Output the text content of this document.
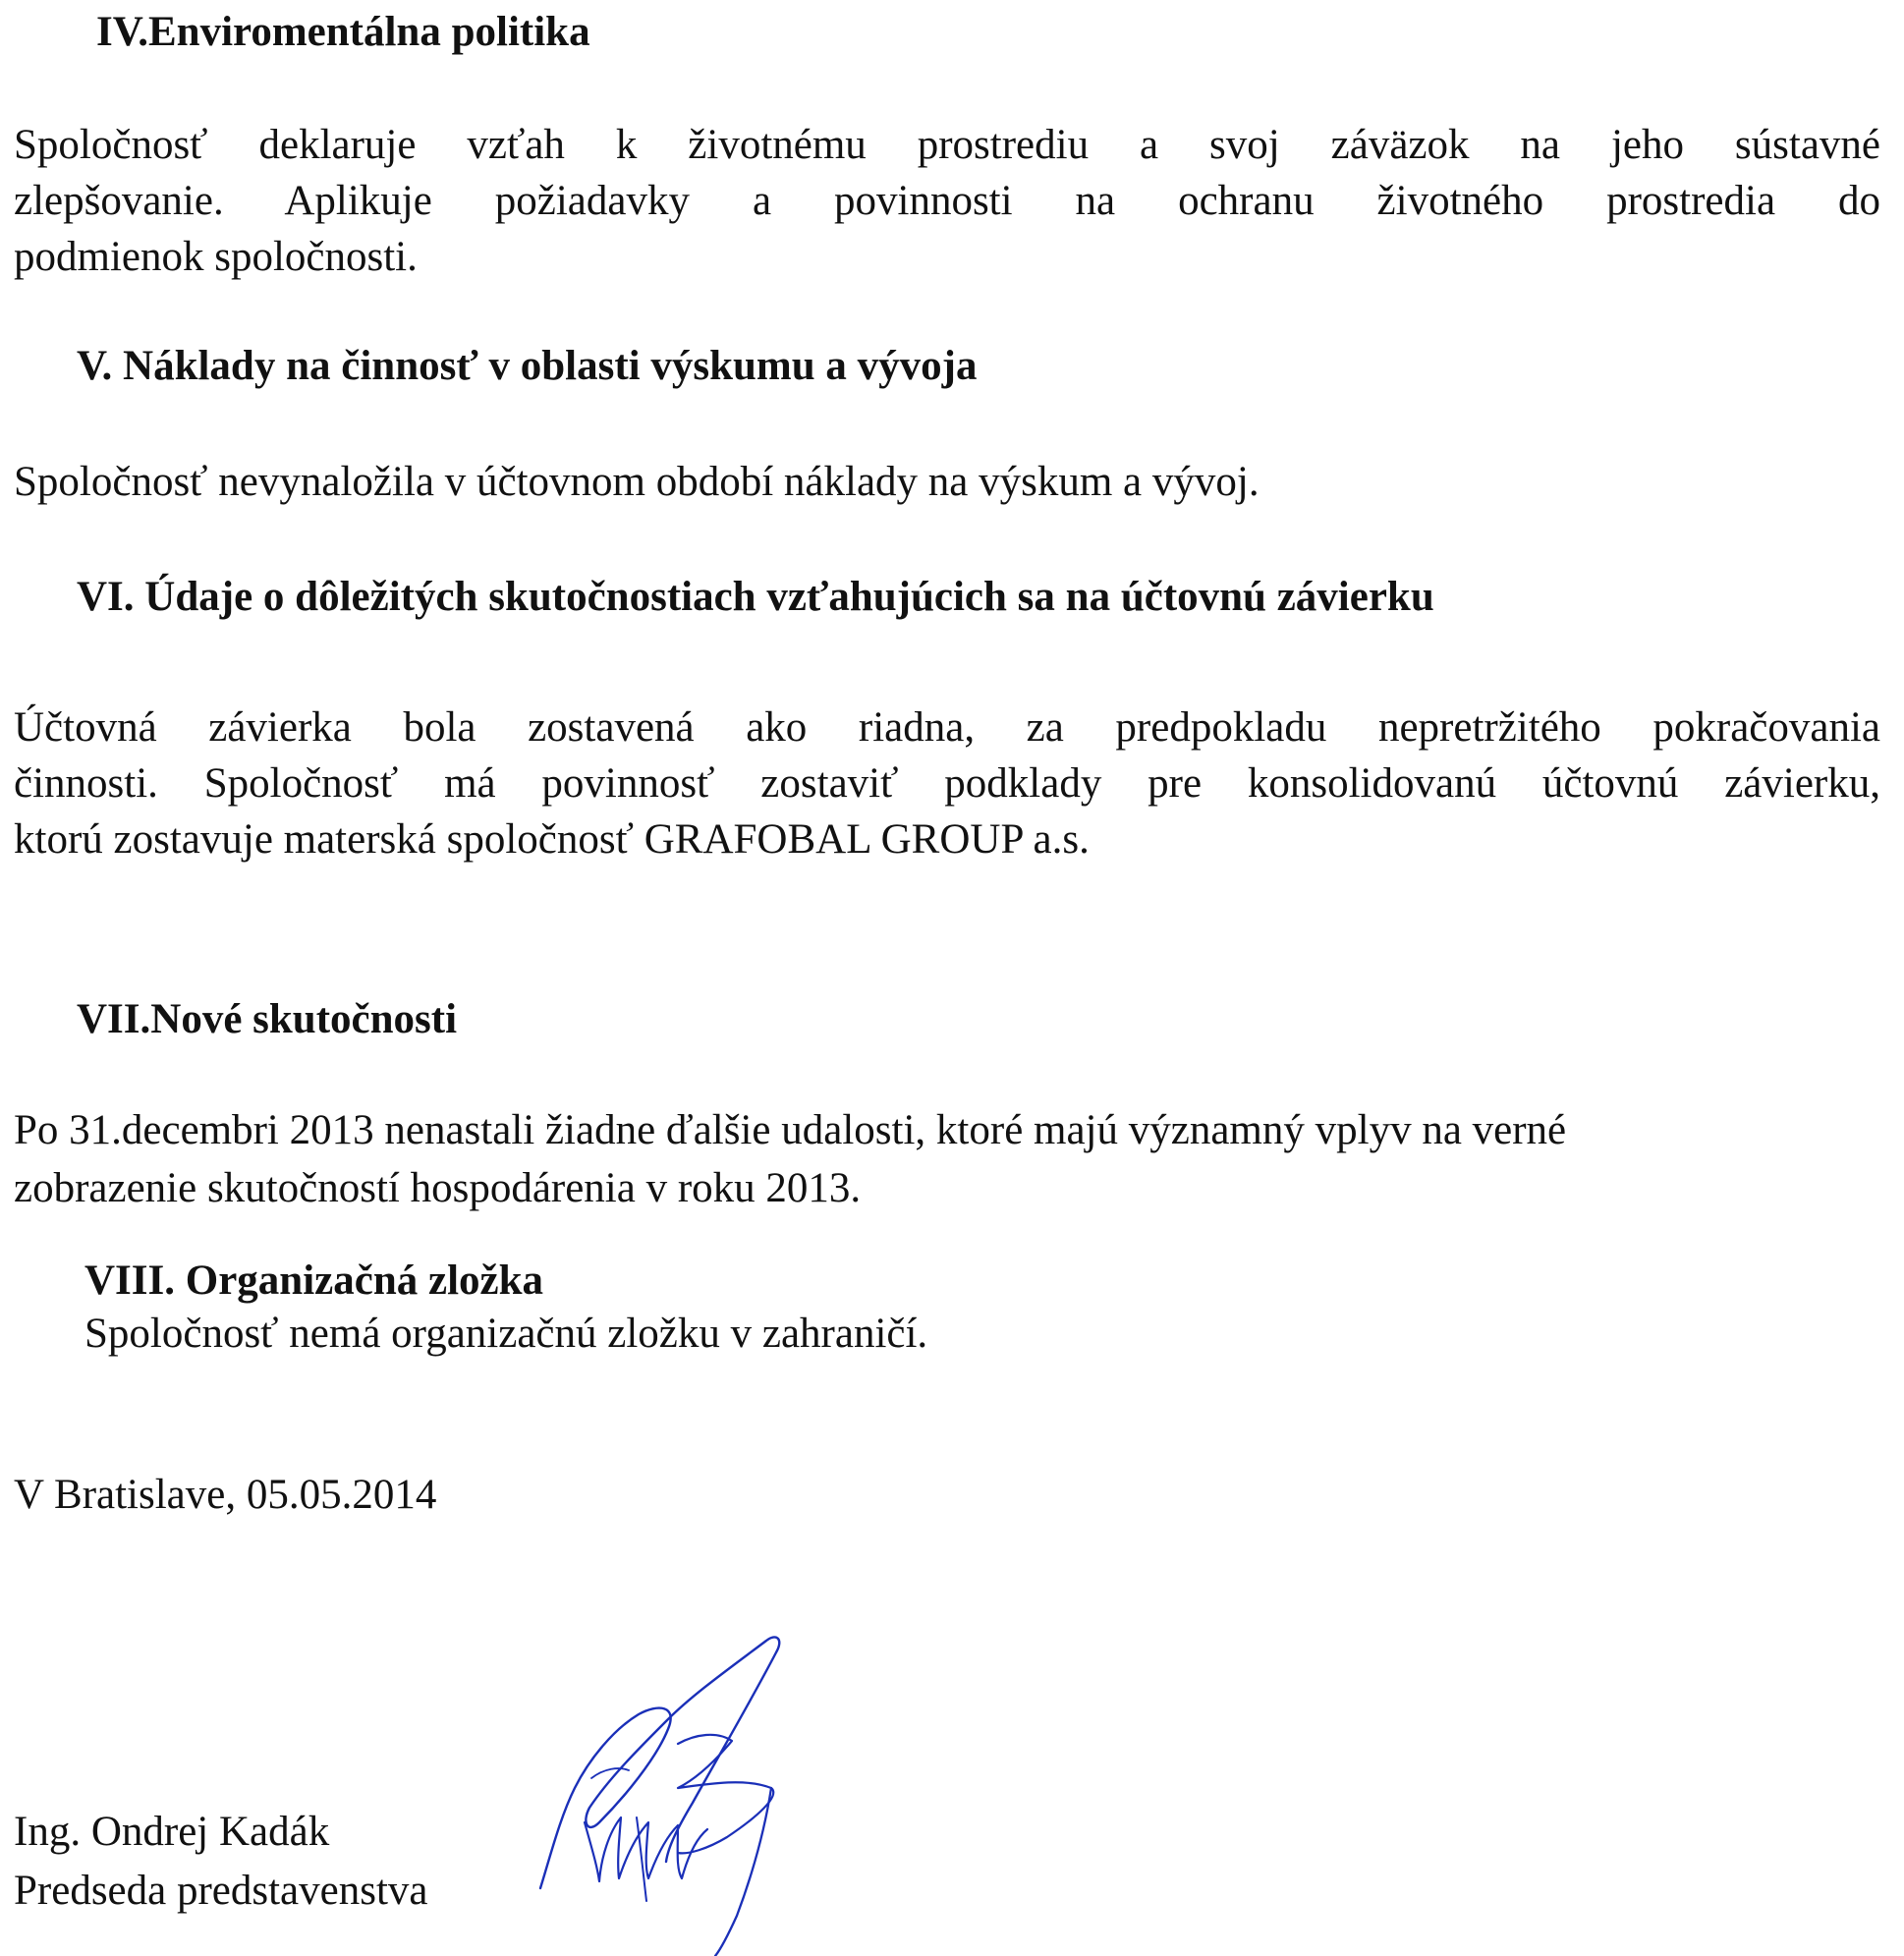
IV.Enviromentálna politika
Spoločnosť deklaruje vzťah k životnému prostrediu a svoj záväzok na jeho sústavné
zlepšovanie. Aplikuje požiadavky a povinnosti na ochranu životného prostredia do
podmienok spoločnosti.
V. Náklady na činnosť v oblasti výskumu a vývoja

Spoločnosť nevynaložila v účtovnom období náklady na výskum a vývoj.

VI. Údaje o dôležitých skutočnostiach vzťahujúcich sa na účtovnú závierku
Účtovná závierka bola zostavená ako riadna, za predpokladu nepretržitého pokračovania
činnosti. Spoločnosť má povinnosť zostaviť podklady pre konsolidovanú účtovnú závierku,
ktorú zostavuje materská spoločnosť GRAFOBAL GROUP a.s.
VII.Nové skutočnosti
Po 31.decembri 2013 nenastali žiadne ďalšie udalosti, ktoré majú významný vplyv na verné
zobrazenie skutočností hospodárenia v roku 2013.
VIII. Organizačná zložka

Spoločnosť nemá organizačnú zložku v zahraničí.

V Bratislave, 05.05.2014

Ing. Ondrej Kadák

Predseda predstavenstva
